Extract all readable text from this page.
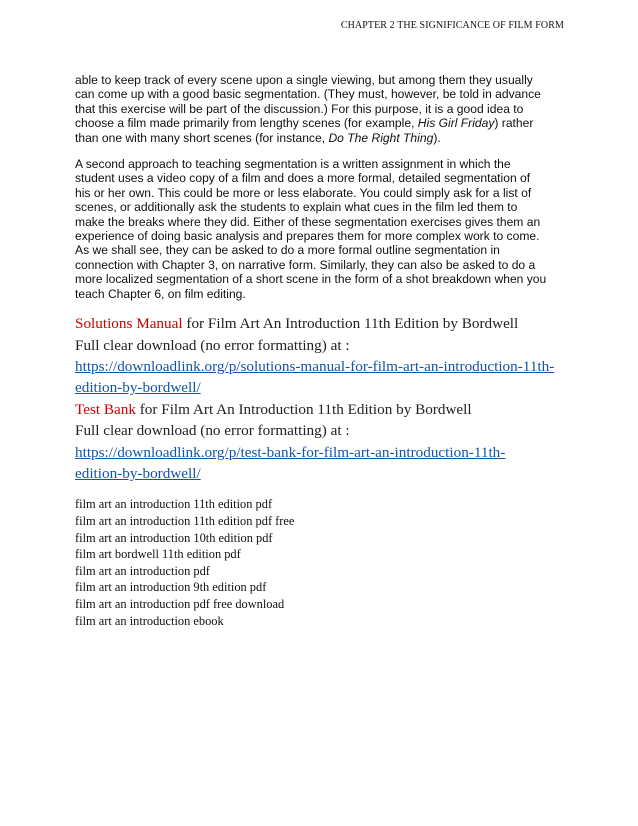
CHAPTER 2 THE SIGNIFICANCE OF FILM FORM

able to keep track of every scene upon a single viewing, but among them they usually
can come up with a good basic segmentation. (They must, however, be told in advance
that this exercise will be part of the discussion.) For this purpose, it is a good idea to
choose a film made primarily from lengthy scenes (for example, His Girl Friday) rather
than one with many short scenes (for instance, Do The Right Thing).

A second approach to teaching segmentation is a written assignment in which the
student uses a video copy of a film and does a more formal, detailed segmentation of
his or her own. This could be more or less elaborate. You could simply ask for a list of
scenes, or additionally ask the students to explain what cues in the film led them to
make the breaks where they did. Either of these segmentation exercises gives them an
experience of doing basic analysis and prepares them for more complex work to come.
As we shall see, they can be asked to do a more formal outline segmentation in
connection with Chapter 3, on narrative form. Similarly, they can also be asked to do a
more localized segmentation of a short scene in the form of a shot breakdown when you
teach Chapter 6, on film editing.

Solutions Manual for Film Art An Introduction 11th Edition by Bordwell
Full clear download (no error formatting) at :
https://downloadlink.org/p/solutions-manual-for-film-art-an-introduction-11th-
edition-by-bordwell/
Test Bank for Film Art An Introduction 11th Edition by Bordwell
Full clear download (no error formatting) at :
https://downloadlink.org/p/test-bank-for-film-art-an-introduction-11th-
edition-by-bordwell/
film art an introduction 11th edition pdf
film art an introduction 11th edition pdf free
film art an introduction 10th edition pdf
film art bordwell 11th edition pdf
film art an introduction pdf
film art an introduction 9th edition pdf
film art an introduction pdf free download
film art an introduction ebook
